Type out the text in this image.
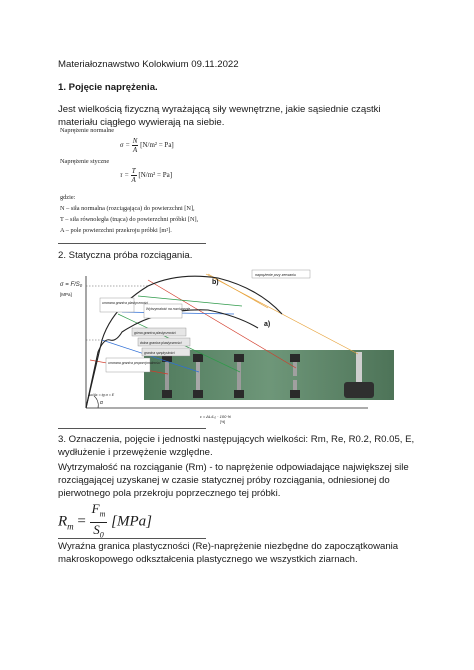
Materiałoznawstwo Kolokwium 09.11.2022
1. Pojęcie naprężenia.
Jest wielkością fizyczną wyrażającą siły wewnętrzne, jakie sąsiednie cząstki materiału ciągłego wywierają na siebie.
Naprężenie normalne
$\sigma = \frac{N}{A} [N/m^2 = Pa]$
Naprężenie styczne
$\tau = \frac{T}{A} [N/m^2 = Pa]$
gdzie:
N – siła normalna (rozciągająca) do powierzchni [N],
T – siła równoległa (tnąca) do powierzchni próbki [N],
A – pole powierzchni przekroju próbki [m²].
2. Statyczna próba rozciągania.
σ = F/S₀
[MPa]
naprężenie przy zerwaniu
b)
a)
umowna granica plastyczności
Wytrzymałość na rozciąganie
górna granica plastyczności
dolna granica plastyczności
granica sprężystości
umowna granica proporcjonalności
Δσ/Δε = tg α = E
α
ε = ΔL/L₀ · 100 %
[%]
3. Oznaczenia, pojęcie i jednostki następujących wielkości: Rm, Re, R0.2, R0.05, E, wydłużenie i przewężenie względne.
Wytrzymałość na rozciąganie (Rm) - to naprężenie odpowiadające największej sile rozciągającej uzyskanej w czasie statycznej próby rozciągania, odniesionej do pierwotnego pola przekroju poprzecznego tej próbki.
$R_m = \frac{F_m}{S_0} [MPa]$
Wyraźna granica plastyczności (Re)-naprężenie niezbędne do zapoczątkowania makroskopowego odkształcenia plastycznego we wszystkich ziarnach.
